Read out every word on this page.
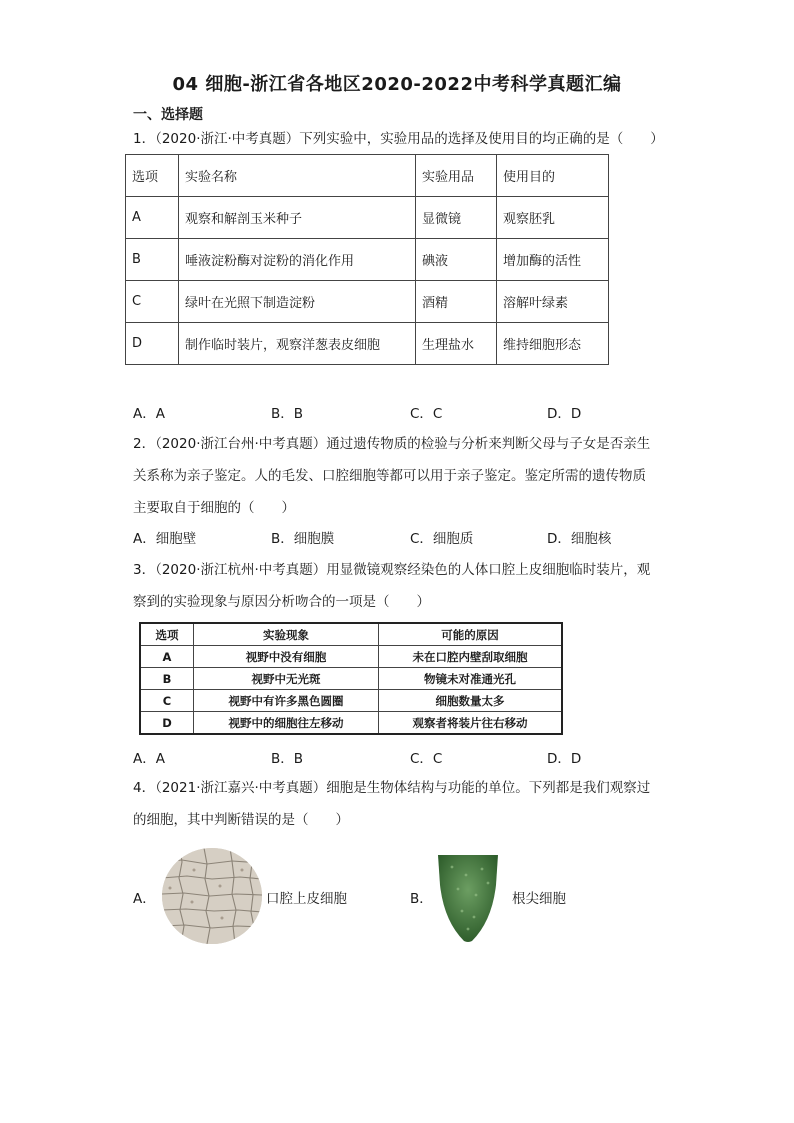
04 细胞-浙江省各地区2020-2022中考科学真题汇编
一、选择题
1．（2020·浙江·中考真题）下列实验中，实验用品的选择及使用目的均正确的是（　　）
选项	实验名称	实验用品	使用目的
A	观察和解剖玉米种子	显微镜	观察胚乳
B	唾液淀粉酶对淀粉的消化作用	碘液	增加酶的活性
C	绿叶在光照下制造淀粉	酒精	溶解叶绿素
D	制作临时装片，观察洋葱表皮细胞	生理盐水	维持细胞形态
A．A	B．B	C．C	D．D
2．（2020·浙江台州·中考真题）通过遗传物质的检验与分析来判断父母与子女是否亲生
关系称为亲子鉴定。人的毛发、口腔细胞等都可以用于亲子鉴定。鉴定所需的遗传物质
主要取自于细胞的（　　）
A．细胞壁	B．细胞膜	C．细胞质	D．细胞核
3．（2020·浙江杭州·中考真题）用显微镜观察经染色的人体口腔上皮细胞临时装片，观
察到的实验现象与原因分析吻合的一项是（　　）
选项	实验现象	可能的原因
A	视野中没有细胞	未在口腔内壁刮取细胞
B	视野中无光斑	物镜未对准通光孔
C	视野中有许多黑色圆圈	细胞数量太多
D	视野中的细胞往左移动	观察者将装片往右移动
A．A	B．B	C．C	D．D
4．（2021·浙江嘉兴·中考真题）细胞是生物体结构与功能的单位。下列都是我们观察过
的细胞，其中判断错误的是（　　）
A．	口腔上皮细胞	B．	根尖细胞
